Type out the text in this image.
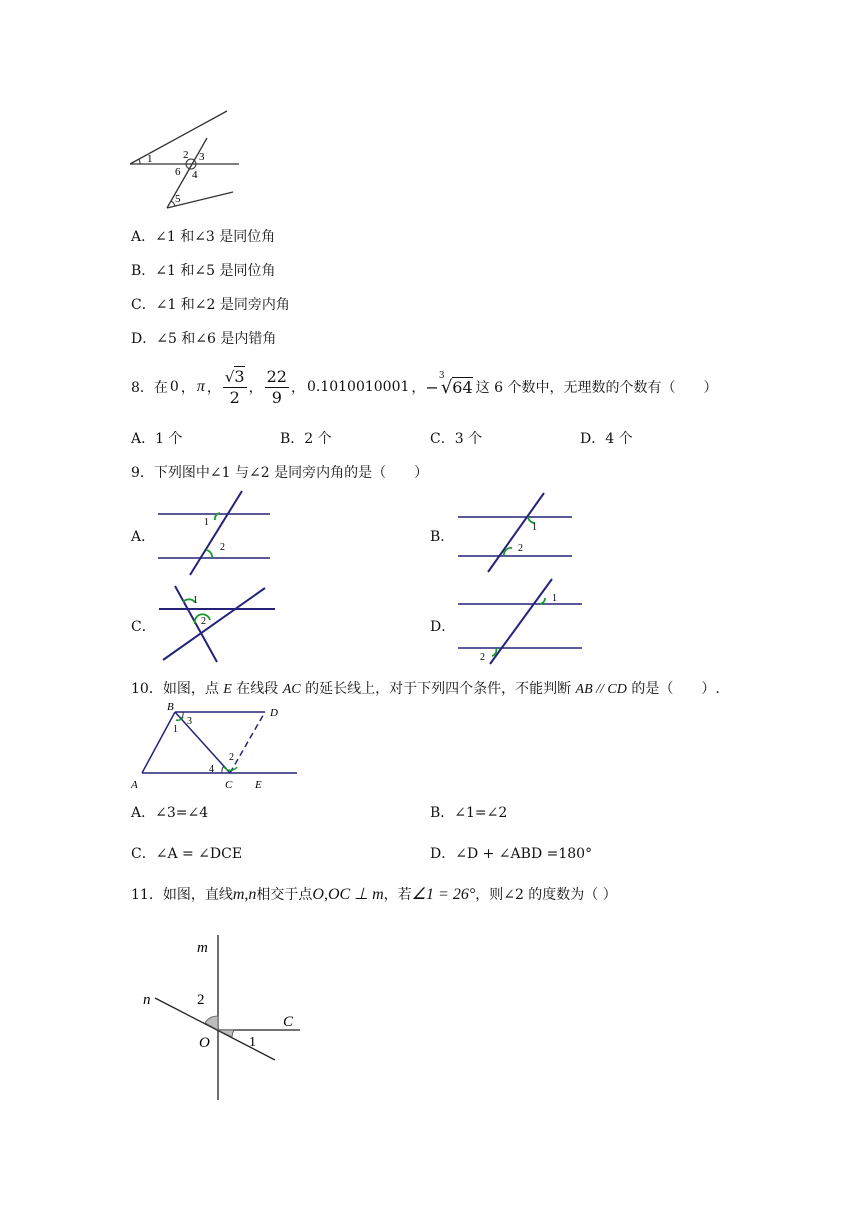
1	2 3
4
5
6
A．∠1 和∠3 是同位角
B．∠1 和∠5 是同位角
C．∠1 和∠2 是同旁内角
D．∠5 和∠6 是内错角
8．在 0 ， π ， $\frac{√3}{2}$ ， $\frac{22}{9}$ ， 0.1010010001 ， −
3
√64 这 6 个数中，无理数的个数有（　　）
A．1 个	B．2 个	C．3 个	D．4 个
9．下列图中∠1 与∠2 是同旁内角的是（　　）
A．
1
2
B．
1
2
C．
1
2	D．
1
2
10．如图，点 E 在线段 AC 的延长线上，对于下列四个条件，不能判断 AB // CD 的是（　　）.
B	D
A	C E
1
3
2
4
A．∠3=∠4	B．∠1=∠2
C．∠A = ∠DCE	D．∠D + ∠ABD =180°
11．如图，直线m,n相交于点O,OC ⊥ m，若∠1 = 26°，则∠2 的度数为（ ）
m
n	2
C
O	1
